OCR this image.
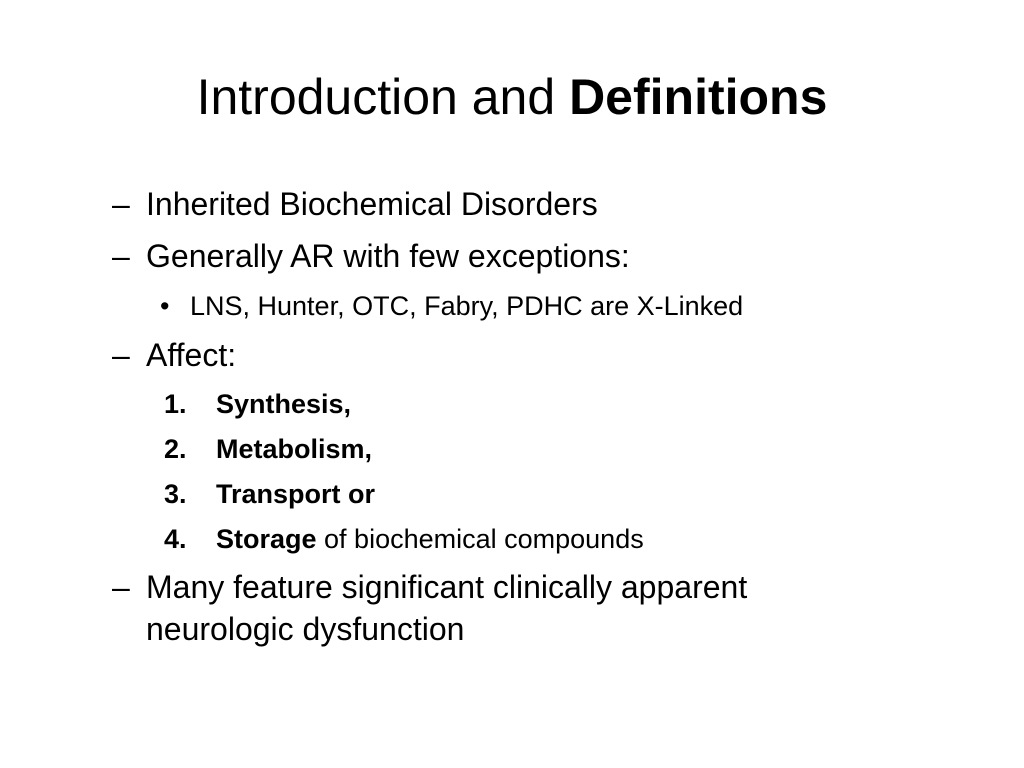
Introduction and Definitions
– Inherited Biochemical Disorders
– Generally AR with few exceptions:
• LNS, Hunter, OTC, Fabry, PDHC are X-Linked
– Affect:
1. Synthesis,
2. Metabolism,
3. Transport or
4. Storage of biochemical compounds
– Many feature significant clinically apparent neurologic dysfunction
